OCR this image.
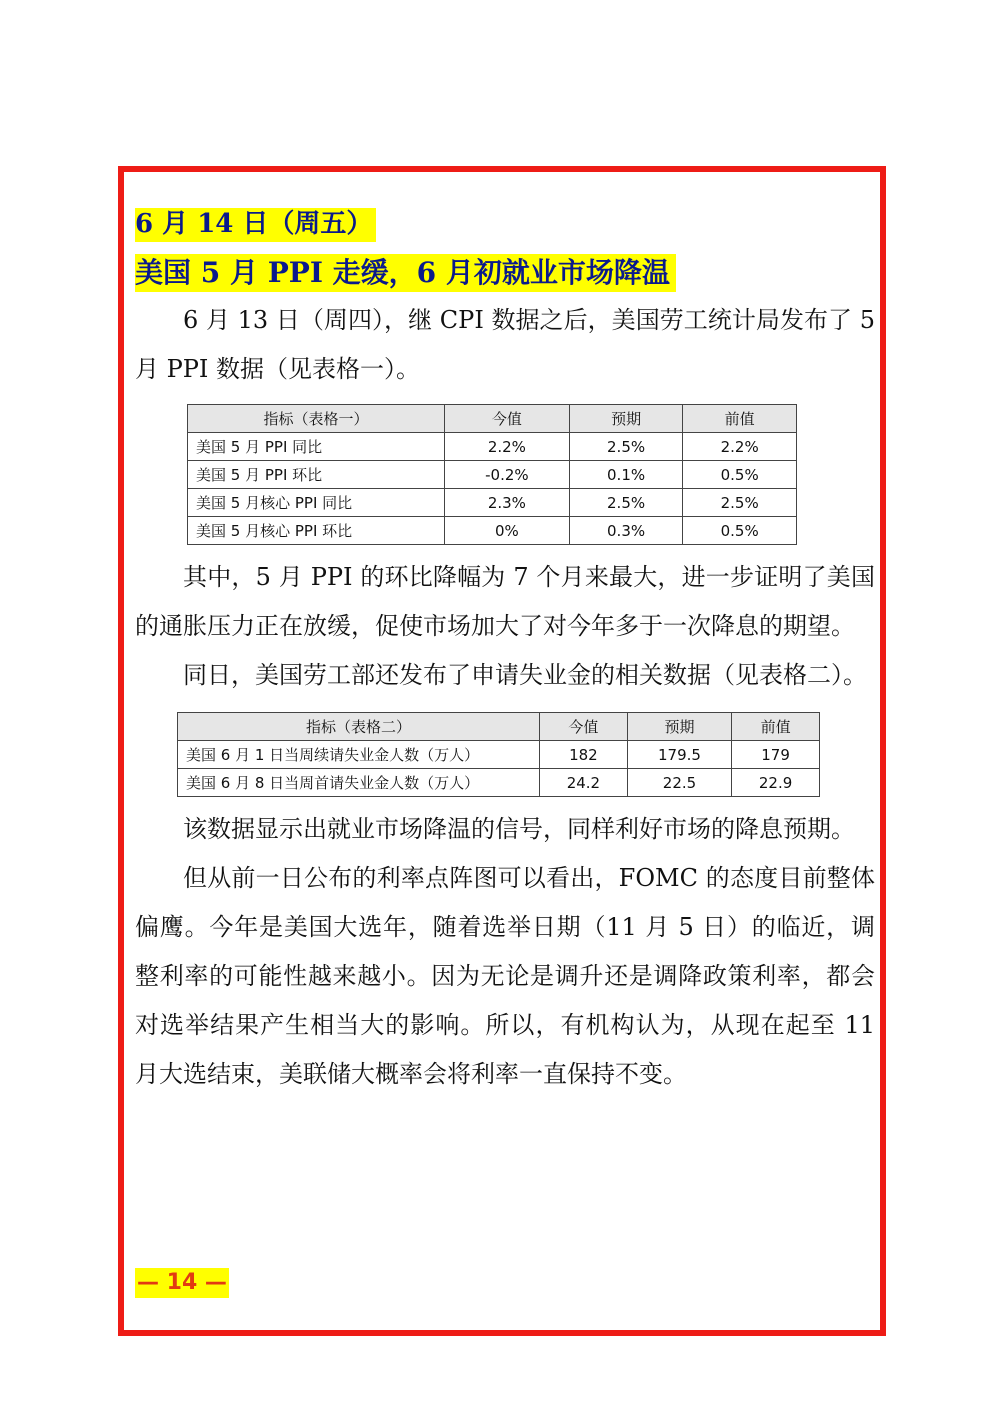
6 月 14 日（周五）
美国 5 月 PPI 走缓，6 月初就业市场降温

6 月 13 日（周四），继 CPI 数据之后，美国劳工统计局发布了 5 月 PPI 数据（见表格一）。

指标（表格一）	今值	预期	前值
美国 5 月 PPI 同比	2.2%	2.5%	2.2%
美国 5 月 PPI 环比	-0.2%	0.1%	0.5%
美国 5 月核心 PPI 同比	2.3%	2.5%	2.5%
美国 5 月核心 PPI 环比	0%	0.3%	0.5%

其中，5 月 PPI 的环比降幅为 7 个月来最大，进一步证明了美国的通胀压力正在放缓，促使市场加大了对今年多于一次降息的期望。

同日，美国劳工部还发布了申请失业金的相关数据（见表格二）。

指标（表格二）	今值	预期	前值
美国 6 月 1 日当周续请失业金人数（万人）	182	179.5	179
美国 6 月 8 日当周首请失业金人数（万人）	24.2	22.5	22.9

该数据显示出就业市场降温的信号，同样利好市场的降息预期。

但从前一日公布的利率点阵图可以看出，FOMC 的态度目前整体偏鹰。今年是美国大选年，随着选举日期（11 月 5 日）的临近，调整利率的可能性越来越小。因为无论是调升还是调降政策利率，都会对选举结果产生相当大的影响。所以，有机构认为，从现在起至 11 月大选结束，美联储大概率会将利率一直保持不变。

— 14 —
